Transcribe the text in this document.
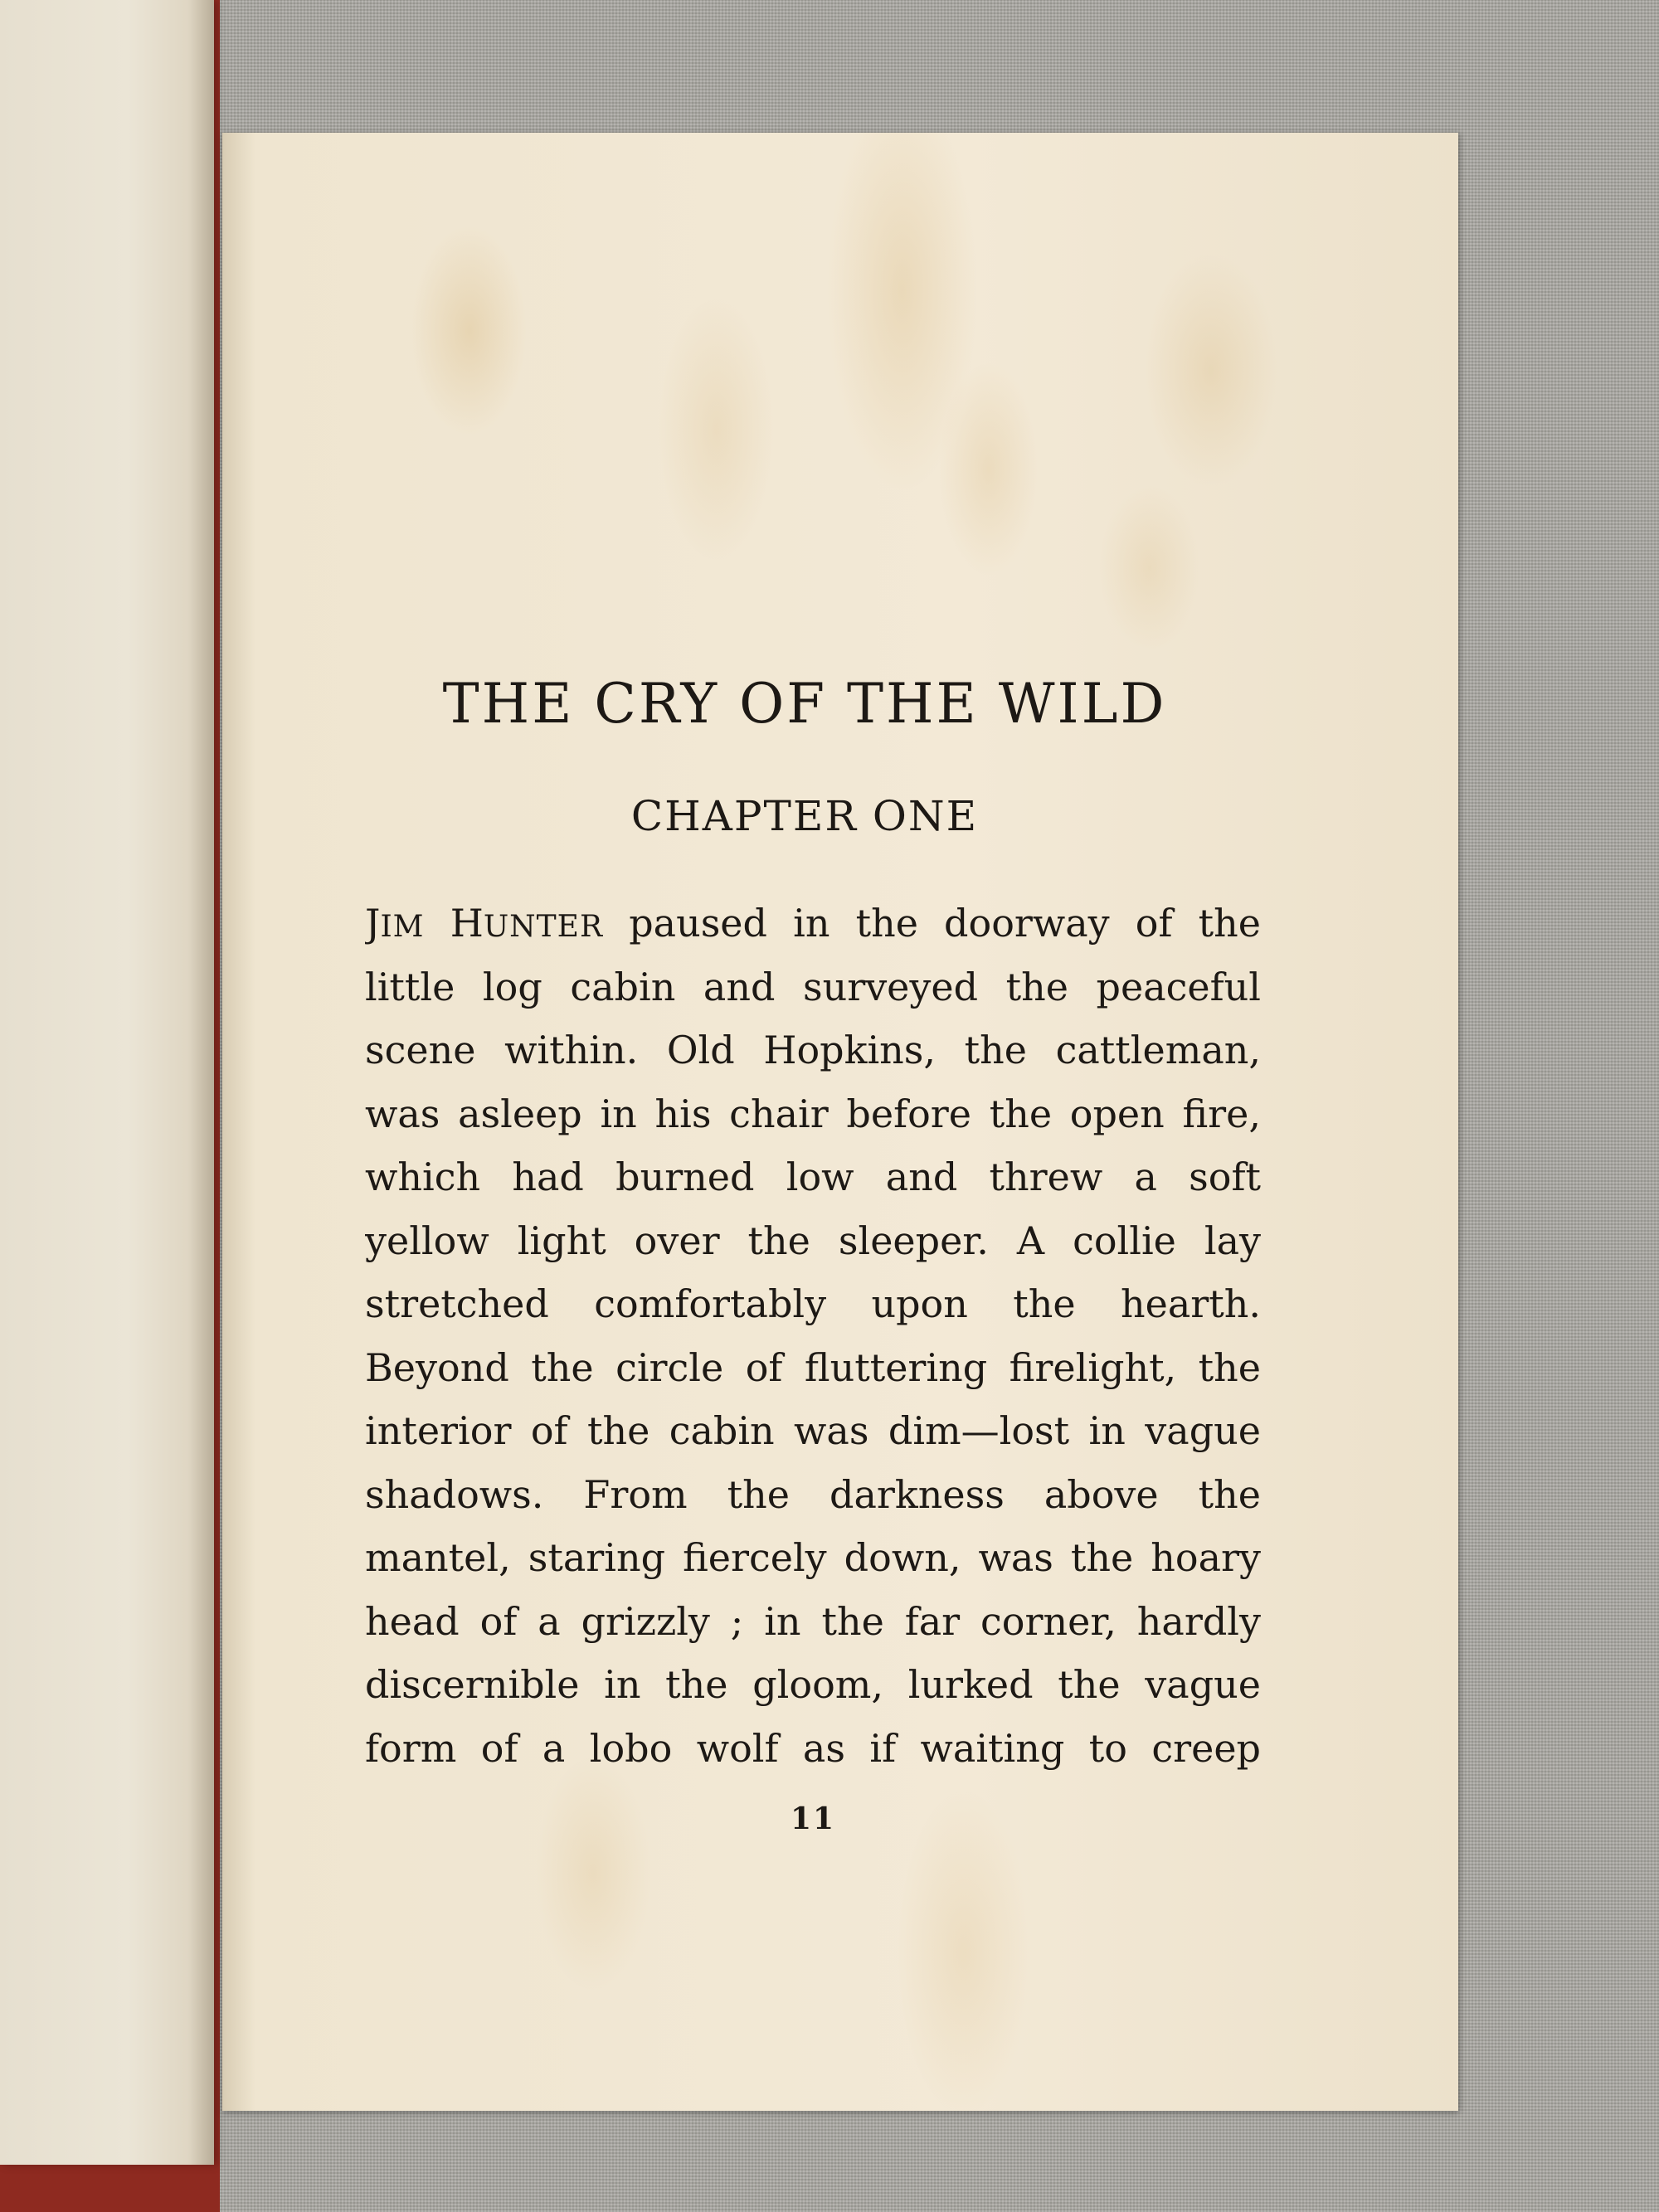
THE CRY OF THE WILD
CHAPTER ONE
JIM HUNTER paused in the doorway of the
little log cabin and surveyed the peaceful
scene within. Old Hopkins, the cattleman,
was asleep in his chair before the open fire,
which had burned low and threw a soft
yellow light over the sleeper. A collie lay
stretched comfortably upon the hearth.
Beyond the circle of fluttering firelight, the
interior of the cabin was dim—lost in vague
shadows. From the darkness above the
mantel, staring fiercely down, was the hoary
head of a grizzly ; in the far corner, hardly
discernible in the gloom, lurked the vague
form of a lobo wolf as if waiting to creep
11
